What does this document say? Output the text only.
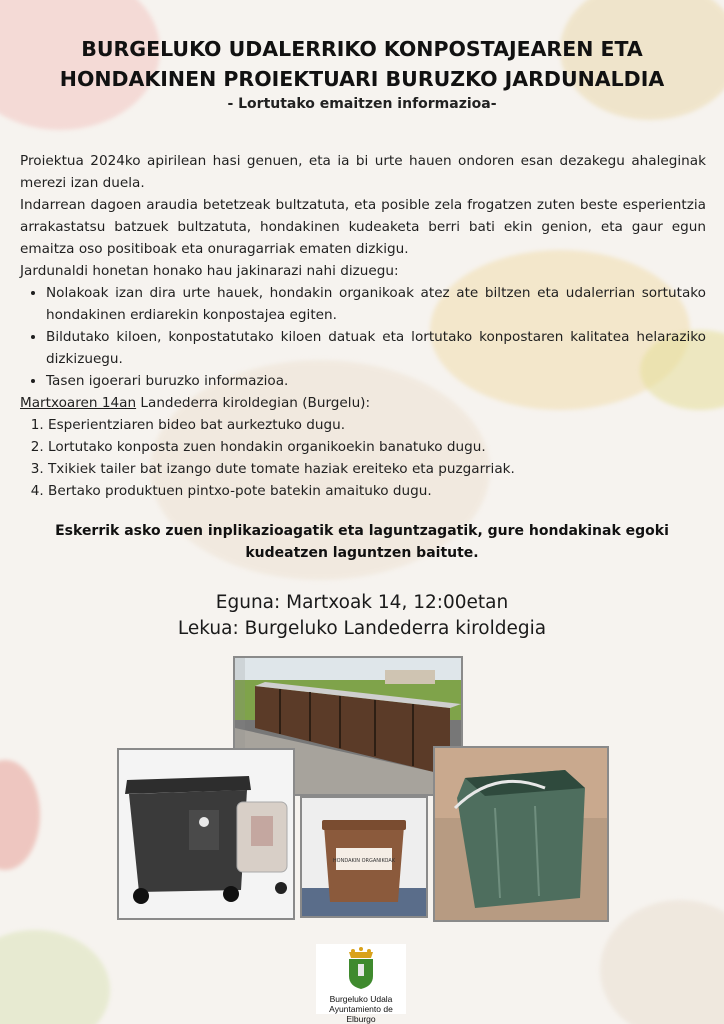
BURGELUKO UDALERRIKO KONPOSTAJEAREN ETA
HONDAKINEN PROIEKTUARI BURUZKO JARDUNALDIA
- Lortutako emaitzen informazioa-

Proiektua 2024ko apirilean hasi genuen, eta ia bi urte hauen ondoren esan dezakegu ahaleginak merezi izan duela.

Indarrean dagoen araudia betetzeak bultzatuta, eta posible zela frogatzen zuten beste esperientzia arrakastatsu batzuek bultzatuta, hondakinen kudeaketa berri bati ekin genion, eta gaur egun emaitza oso positiboak eta onuragarriak ematen dizkigu.

Jardunaldi honetan honako hau jakinarazi nahi dizuegu:

• Nolakoak izan dira urte hauek, hondakin organikoak atez ate biltzen eta udalerrian sortutako hondakinen erdiarekin konpostajea egiten.
• Bildutako kiloen, konpostatutako kiloen datuak eta lortutako konpostaren kalitatea helaraziko dizkizuegu.
• Tasen igoerari buruzko informazioa.

Martxoaren 14an Landederra kiroldegian (Burgelu):

1. Esperientziaren bideo bat aurkeztuko dugu.
2. Lortutako konposta zuen hondakin organikoekin banatuko dugu.
3. Txikiek tailer bat izango dute tomate haziak ereiteko eta puzgarriak.
4. Bertako produktuen pintxo-pote batekin amaituko dugu.
Eskerrik asko zuen inplikazioagatik eta laguntzagatik, gure hondakinak egoki kudeatzen laguntzen baitute.
Eguna: Martxoak 14, 12:00etan
Lekua: Burgeluko Landederra kiroldegia
HONDAKIN ORGANIKOAK
Burgeluko Udala
Ayuntamiento de Elburgo
